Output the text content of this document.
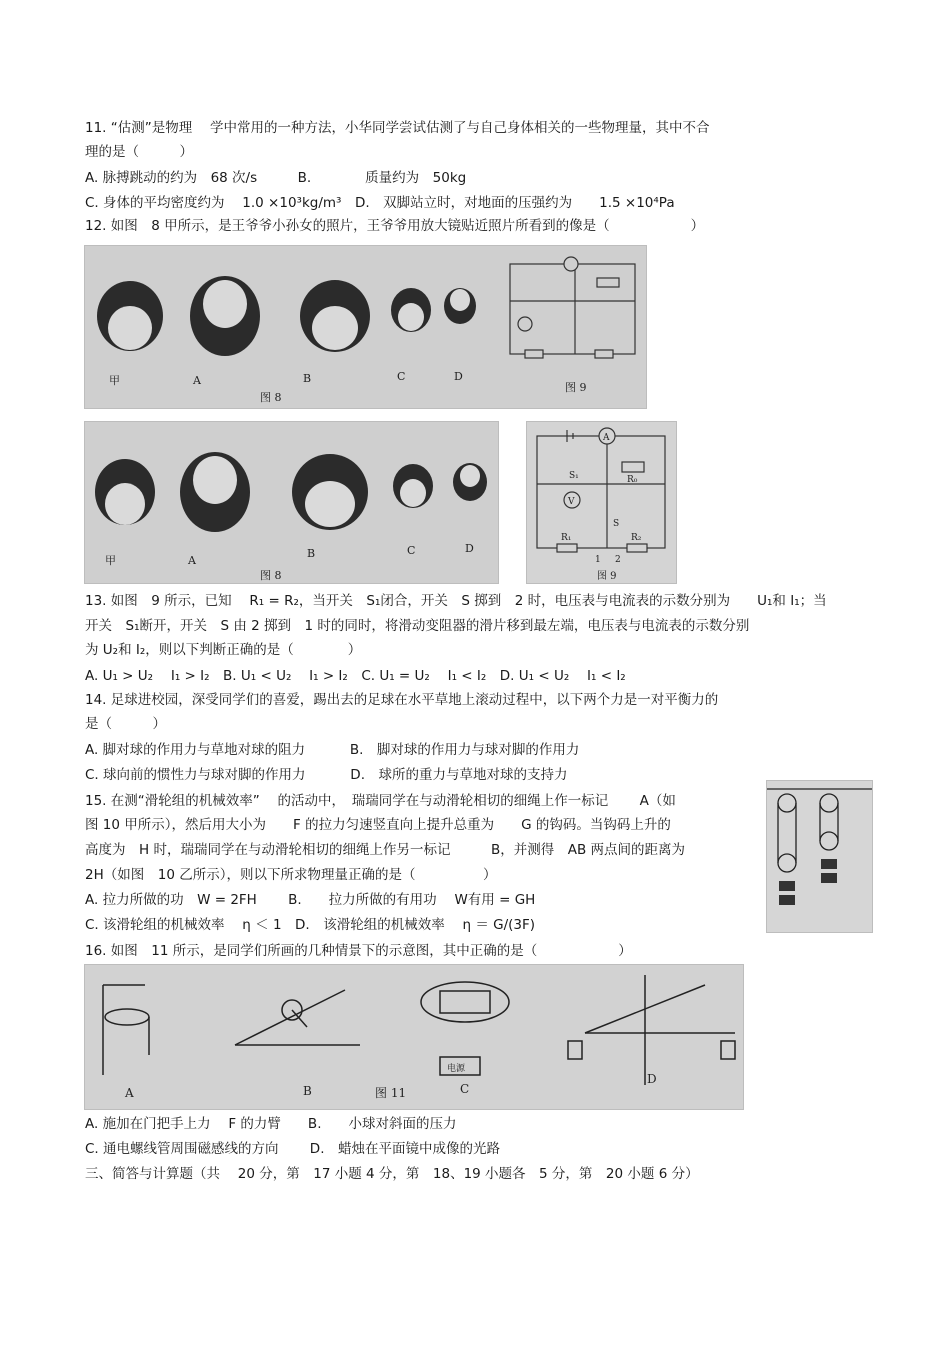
11. “估测”是物理　 学中常用的一种方法，小华同学尝试估测了与自己身体相关的一些物理量，其中不合
理的是（　　　）
A. 脉搏跳动的约为　68 次/s　　　B.　　　　质量约为　50kg
C. 身体的平均密度约为　 1.0 ×10³kg/m³　D.　双脚站立时，对地面的压强约为　　1.5 ×10⁴Pa
12. 如图　8 甲所示，是王爷爷小孙女的照片，王爷爷用放大镜贴近照片所看到的像是（　　　　　　）
甲	A	B	C	D
图 8
图 9
甲	A
B	C	D
图 8
A
V
S₁	R₀
R₁	R₂
S
1 2
图 9
13. 如图　9 所示，已知　 R₁ = R₂，当开关　S₁闭合，开关　S 掷到　2 时，电压表与电流表的示数分别为　　U₁和 I₁；当
开关　S₁断开，开关　S 由 2 掷到　1 时的同时，将滑动变阻器的滑片移到最左端，电压表与电流表的示数分别
为 U₂和 I₂，则以下判断正确的是（　　　　）
A. U₁ > U₂　 I₁ > I₂　B. U₁ < U₂　 I₁ > I₂　C. U₁ = U₂　 I₁ < I₂　D. U₁ < U₂　 I₁ < I₂
14. 足球进校园，深受同学们的喜爱，踢出去的足球在水平草地上滚动过程中，以下两个力是一对平衡力的
是（　　　）
A. 脚对球的作用力与草地对球的阻力　　　 B.　脚对球的作用力与球对脚的作用力
C. 球向前的惯性力与球对脚的作用力　　　 D.　球所的重力与草地对球的支持力
15. 在测“滑轮组的机械效率”　 的活动中，　瑞瑞同学在与动滑轮相切的细绳上作一标记　　 A（如
图 10 甲所示），然后用大小为　　F 的拉力匀速竖直向上提升总重为　　G 的钩码。当钩码上升的
高度为　H 时，瑞瑞同学在与动滑轮相切的细绳上作另一标记　　　B，并测得　AB 两点间的距离为
2H（如图　10 乙所示），则以下所求物理量正确的是（　　　　　）
A. 拉力所做的功　W = 2FH　　 B.　　拉力所做的有用功　 W有用 = GH
C. 该滑轮组的机械效率　 η ＜ 1　D.　该滑轮组的机械效率　 η ＝ G/(3F)
16. 如图　11 所示，是同学们所画的几种情景下的示意图，其中正确的是（　　　　　　）
A	B	C
D
图 11
电源
A. 施加在门把手上力　 F 的力臂　　B.　　小球对斜面的压力
C. 通电螺线管周围磁感线的方向　　 D.　蜡烛在平面镜中成像的光路
三、简答与计算题（共　 20 分，第　17 小题 4 分，第　18、19 小题各　5 分，第　20 小题 6 分）
